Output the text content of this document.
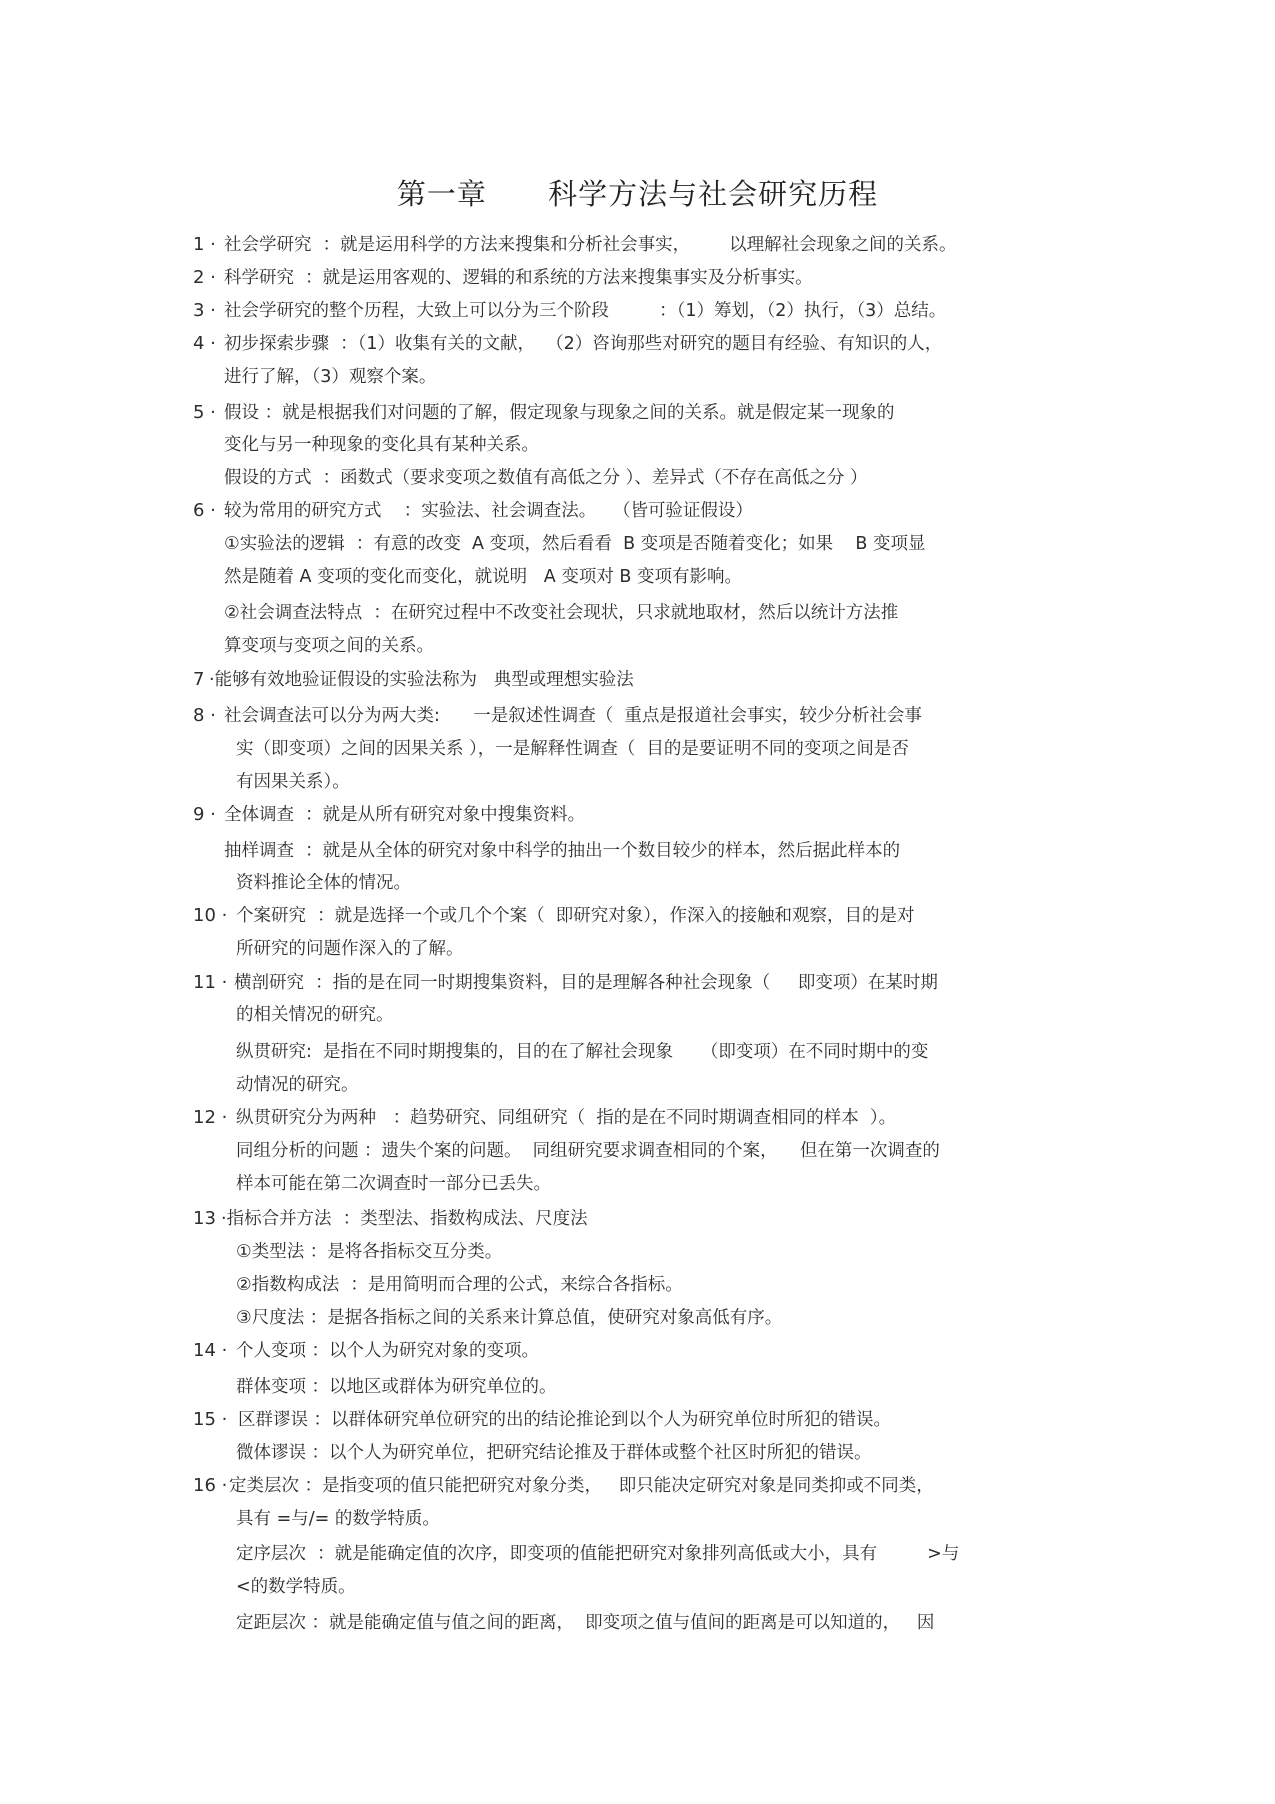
第一章      科学方法与社会研究历程
1 · 社会学研究  ：就是运用科学的方法来搜集和分析社会事实，       以理解社会现象之间的关系。
2 · 科学研究  ：就是运用客观的、逻辑的和系统的方法来搜集事实及分析事实。
3 · 社会学研究的整个历程，大致上可以分为三个阶段         ：（1）筹划，（2）执行，（3）总结。
4 · 初步探索步骤  ：（1）收集有关的文献，  （2）咨询那些对研究的题目有经验、有知识的人，
进行了解，（3）观察个案。
5 · 假设 ：就是根据我们对问题的了解，假定现象与现象之间的关系。就是假定某一现象的
变化与另一种现象的变化具有某种关系。
假设的方式  ：函数式（要求变项之数值有高低之分 ）、差异式（不存在高低之分 ）
6 · 较为常用的研究方式    ：实验法、社会调查法。   （皆可验证假设）
①实验法的逻辑  ：有意的改变  A 变项，然后看看  B 变项是否随着变化；如果    B 变项显
然是随着 A 变项的变化而变化，就说明   A 变项对 B 变项有影响。
②社会调查法特点  ：在研究过程中不改变社会现状，只求就地取材，然后以统计方法推
算变项与变项之间的关系。
7 ·能够有效地验证假设的实验法称为   典型或理想实验法
8 · 社会调查法可以分为两大类:      一是叙述性调查（  重点是报道社会事实，较少分析社会事
实（即变项）之间的因果关系 ），一是解释性调查（  目的是要证明不同的变项之间是否
有因果关系）。
9 · 全体调查  ：就是从所有研究对象中搜集资料。
抽样调查  ：就是从全体的研究对象中科学的抽出一个数目较少的样本，然后据此样本的
资料推论全体的情况。
10 · 个案研究  ：就是选择一个或几个个案（  即研究对象），作深入的接触和观察，目的是对
所研究的问题作深入的了解。
11 · 横剖研究  ：指的是在同一时期搜集资料，目的是理解各种社会现象（     即变项）在某时期
的相关情况的研究。
纵贯研究:  是指在不同时期搜集的，目的在了解社会现象     （即变项）在不同时期中的变
动情况的研究。
12 · 纵贯研究分为两种   ：趋势研究、同组研究（  指的是在不同时期调查相同的样本  ）。
同组分析的问题 ：遗失个案的问题。  同组研究要求调查相同的个案，    但在第一次调查的
样本可能在第二次调查时一部分已丢失。
13 ·指标合并方法  ：类型法、指数构成法、尺度法
①类型法 ：是将各指标交互分类。
②指数构成法  ：是用简明而合理的公式，来综合各指标。
③尺度法 ：是据各指标之间的关系来计算总值，使研究对象高低有序。
14 · 个人变项 ：以个人为研究对象的变项。
群体变项 ：以地区或群体为研究单位的。
15 · 区群谬误 ：以群体研究单位研究的出的结论推论到以个人为研究单位时所犯的错误。
微体谬误 ：以个人为研究单位，把研究结论推及于群体或整个社区时所犯的错误。
16 · 定类层次 ：是指变项的值只能把研究对象分类，   即只能决定研究对象是同类抑或不同类，
具有 =与/= 的数学特质。
定序层次  ：就是能确定值的次序，即变项的值能把研究对象排列高低或大小，具有         >与
<的数学特质。
定距层次 ：就是能确定值与值之间的距离，  即变项之值与值间的距离是可以知道的，   因
